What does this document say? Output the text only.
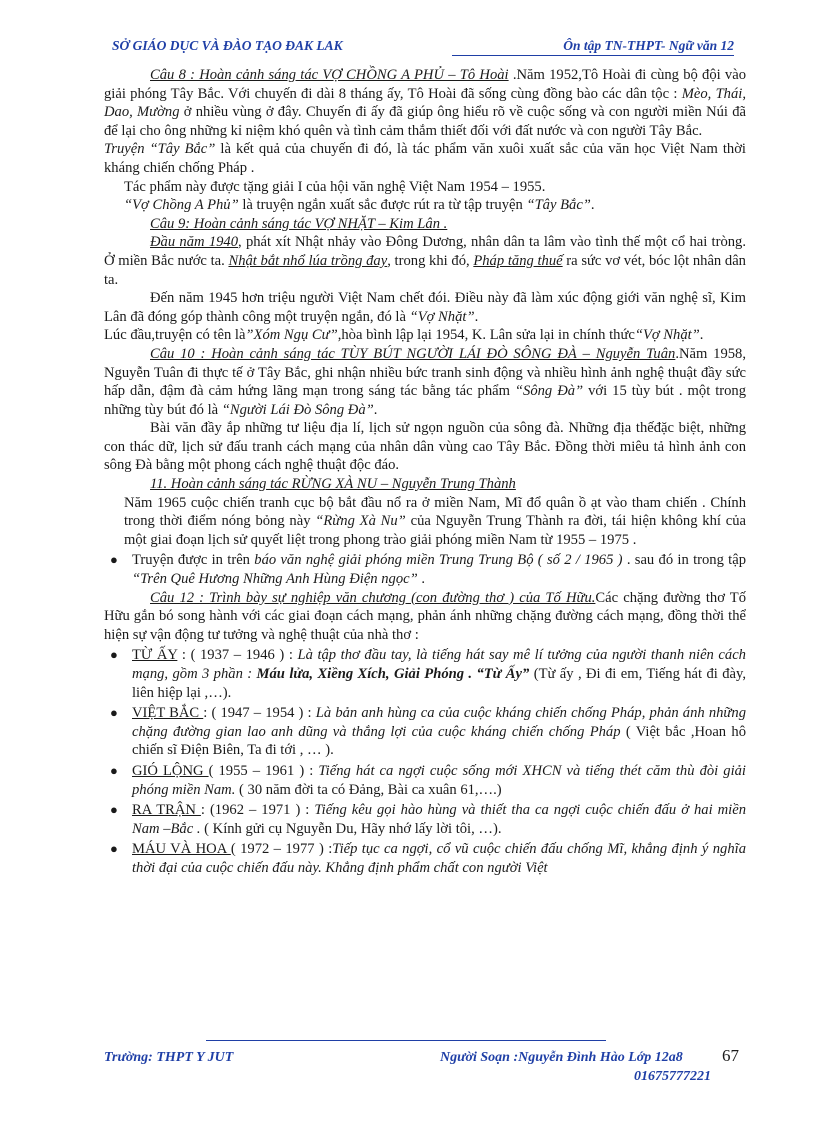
SỞ GIÁO DỤC VÀ ĐÀO TẠO ĐAK LAK	Ôn tập TN-THPT- Ngữ văn 12

Câu 8 : Hoàn cảnh sáng tác VỢ CHỒNG A PHỦ – Tô Hoài .Năm 1952,Tô Hoài đi cùng bộ đội vào giải phóng Tây Bắc. Với chuyến đi dài 8 tháng ấy, Tô Hoài đã sống cùng đồng bào các dân tộc : Mèo, Thái, Dao, Mường ở nhiều vùng ở đây. Chuyến đi ấy đã giúp ông hiểu rõ về cuộc sống và con người miền Núi đã để lại cho ông những kỉ niệm khó quên và tình cảm thắm thiết đối với đất nước và con người Tây Bắc.

Truyện “Tây Bắc” là kết quả của chuyến đi đó, là tác phẩm văn xuôi xuất sắc của văn học Việt Nam thời kháng chiến chống Pháp .

Tác phẩm này được tặng giải I của hội văn nghệ Việt Nam 1954 – 1955.

“Vợ Chồng A Phủ” là truyện ngắn xuất sắc được rút ra từ tập truyện “Tây Bắc”.

Câu 9: Hoàn cảnh sáng tác VỢ NHẶT – Kim Lân .

Đầu năm 1940, phát xít Nhật nhảy vào Đông Dương, nhân dân ta lâm vào tình thế một cổ hai tròng. Ở miền Bắc nước ta. Nhật bắt nhổ lúa trồng đay, trong khi đó, Pháp tăng thuế ra sức vơ vét, bóc lột nhân dân ta.

Đến năm 1945 hơn triệu người Việt Nam chết đói. Điều này đã làm xúc động giới văn nghệ sĩ, Kim Lân đã đóng góp thành công một truyện ngắn, đó là “Vợ Nhặt”.

Lúc đầu,truyện có tên là”Xóm Ngụ Cư”,hòa bình lập lại 1954, K. Lân sửa lại in chính thức“Vợ Nhặt”.

Câu 10 : Hoàn cảnh sáng tác TÙY BÚT NGƯỜI LÁI ĐÒ SÔNG ĐÀ – Nguyễn Tuân.Năm 1958, Nguyễn Tuân đi thực tế ở Tây Bắc, ghi nhận nhiều bức tranh sinh động và nhiều hình ảnh nghệ thuật đầy sức hấp dẫn, đậm đà cảm hứng lãng mạn trong sáng tác bằng tác phẩm “Sông Đà” với 15 tùy bút . một trong những tùy bút đó là “Người Lái Đò Sông Đà”.

Bài văn đầy ắp những tư liệu địa lí, lịch sử ngọn nguồn của sông đà. Những địa thếđặc biệt, những con thác dữ, lịch sử đấu tranh cách mạng của nhân dân vùng cao Tây Bắc. Đồng thời miêu tả hình ảnh con sông Đà bằng một phong cách nghệ thuật độc đáo.

11. Hoàn cảnh sáng tác RỪNG XÀ NU – Nguyễn Trung Thành

Năm 1965 cuộc chiến tranh cục bộ bắt đầu nổ ra ở miền Nam, Mĩ đổ quân ồ ạt vào tham chiến . Chính trong thời điểm nóng bỏng này “Rừng Xà Nu” của Nguyễn Trung Thành ra đời, tái hiện không khí của một giai đoạn lịch sử quyết liệt trong phong trào giải phóng miền Nam từ 1955 – 1975 .

● Truyện được in trên báo văn nghệ giải phóng miền Trung Trung Bộ ( số 2 / 1965 ) . sau đó in trong tập “Trên Quê Hương Những Anh Hùng Điện ngọc” .

Câu 12 : Trình bày sự nghiệp văn chương (con đường thơ ) của Tố Hữu.Các chặng đường thơ Tố Hữu gắn bó song hành với các giai đoạn cách mạng, phản ánh những chặng đường cách mạng, đồng thời thể hiện sự vận động tư tưởng và nghệ thuật của nhà thơ :

● TỪ ẤY : ( 1937 – 1946 ) : Là tập thơ đầu tay, là tiếng hát say mê lí tưởng của người thanh niên cách mạng, gồm 3 phần : Máu lửa, Xiềng Xích, Giải Phóng . “Từ Ấy” (Từ ấy , Đi đi em, Tiếng hát đi đày, liên hiệp lại ,…).

● VIỆT BẮC : ( 1947 – 1954 ) : Là bản anh hùng ca của cuộc kháng chiến chống Pháp, phản ánh những chặng đường gian lao anh dũng và thắng lợi của cuộc kháng chiến chống Pháp ( Việt bắc ,Hoan hô chiến sĩ Điện Biên, Ta đi tới , … ).

● GIÓ LỘNG ( 1955 – 1961 ) : Tiếng hát ca ngợi cuộc sống mới XHCN và tiếng thét căm thù đòi giải phóng miền Nam. ( 30 năm đời ta có Đảng, Bài ca xuân 61,….)

● RA TRẬN : (1962 – 1971 ) : Tiếng kêu gọi hào hùng và thiết tha ca ngợi cuộc chiến đấu ở hai miền Nam –Bắc . ( Kính gửi cụ Nguyễn Du, Hãy nhớ lấy lời tôi, …).

● MÁU VÀ HOA ( 1972 – 1977 ) :Tiếp tục ca ngợi, cổ vũ cuộc chiến đấu chống Mĩ, khẳng định ý nghĩa thời đại của cuộc chiến đấu này. Khẳng định phẩm chất con người Việt

Trường: THPT Y JUT	Người Soạn :Nguyễn Đình Hào Lớp 12a8 67
01675777221
